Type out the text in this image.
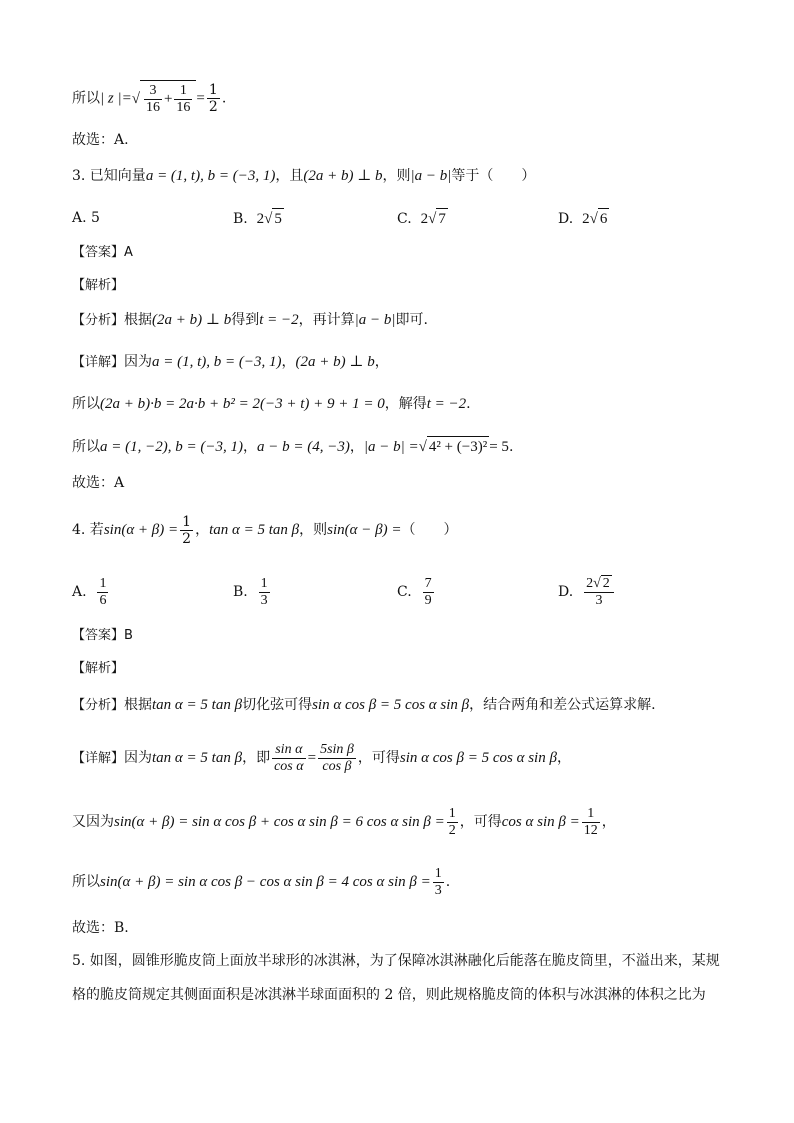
所以| z |=√ $\frac{3}{16} + \frac{1}{16} = \frac{1}{2}$ .
故选：A.
3. 已知向量a = (1, t), b = (−3, 1)，且(2a + b) ⊥ b，则|a − b|等于（　　）
A. 5	B. 2√ 5	C. 2√ 7	D. 2√ 6
【答案】A
【解析】
【分析】根据(2a + b) ⊥ b得到t = −2，再计算|a − b|即可.
【详解】因为a = (1, t), b = (−3, 1)，(2a + b) ⊥ b，
所以(2a + b)·b = 2a·b + b² = 2(−3 + t) + 9 + 1 = 0，解得t = −2.
所以a = (1, −2), b = (−3, 1)，a − b = (4, −3)，|a − b| =√ 4² + (−3)² = 5.
故选：A
4. 若$\sin(\alpha + \beta) = \frac{1}{2}$ ，tan α = 5 tan β，则sin(α − β) =（　　）
A. $\frac{1}{6}$	B. $\frac{1}{3}$	C. $\frac{7}{9}$	D. $\frac{2√ 2}{3}$
【答案】B
【解析】
【分析】根据tan α = 5 tan β切化弦可得sin α cos β = 5 cos α sin β，结合两角和差公式运算求解.
【详解】因为tan α = 5 tan β，即 $\frac{\text{sin α}}{\text{cos α}} = \frac{\text{5sin β}}{\text{cos β}}$ ，可得sin α cos β = 5 cos α sin β，
又因为sin(α + β) = sin α cos β + cos α sin β = 6 cos α $\sin \beta = \frac{1}{2}$ ，可得cos α $\sin \beta = \frac{1}{12}$ ，
所以sin(α + β) = sin α cos β − cos α sin β = 4 cos α $\sin \beta = \frac{1}{3}$ .
故选：B.
5. 如图，圆锥形脆皮筒上面放半球形的冰淇淋，为了保障冰淇淋融化后能落在脆皮筒里，不溢出来，某规
格的脆皮筒规定其侧面面积是冰淇淋半球面面积的 2 倍，则此规格脆皮筒的体积与冰淇淋的体积之比为
